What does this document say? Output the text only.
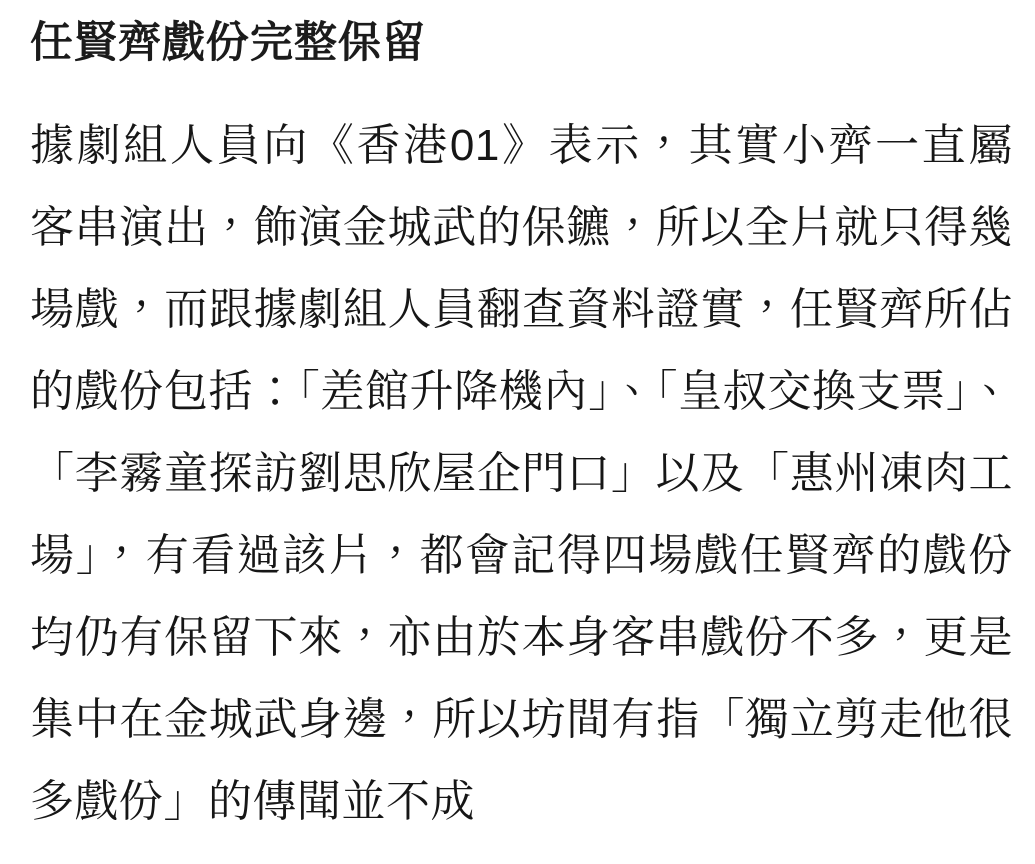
任賢齊戲份完整保留

據劇組人員向《香港01》表示，其實小齊一直屬客串演出，飾演金城武的保鑣，所以全片就只得幾場戲，而跟據劇組人員翻查資料證實，任賢齊所佔的戲份包括：「差館升降機內」、「皇叔交換支票」、「李霧童探訪劉思欣屋企門口」以及「惠州凍肉工場」，有看過該片，都會記得四場戲任賢齊的戲份均仍有保留下來，亦由於本身客串戲份不多，更是集中在金城武身邊，所以坊間有指「獨立剪走他很多戲份」的傳聞並不成
